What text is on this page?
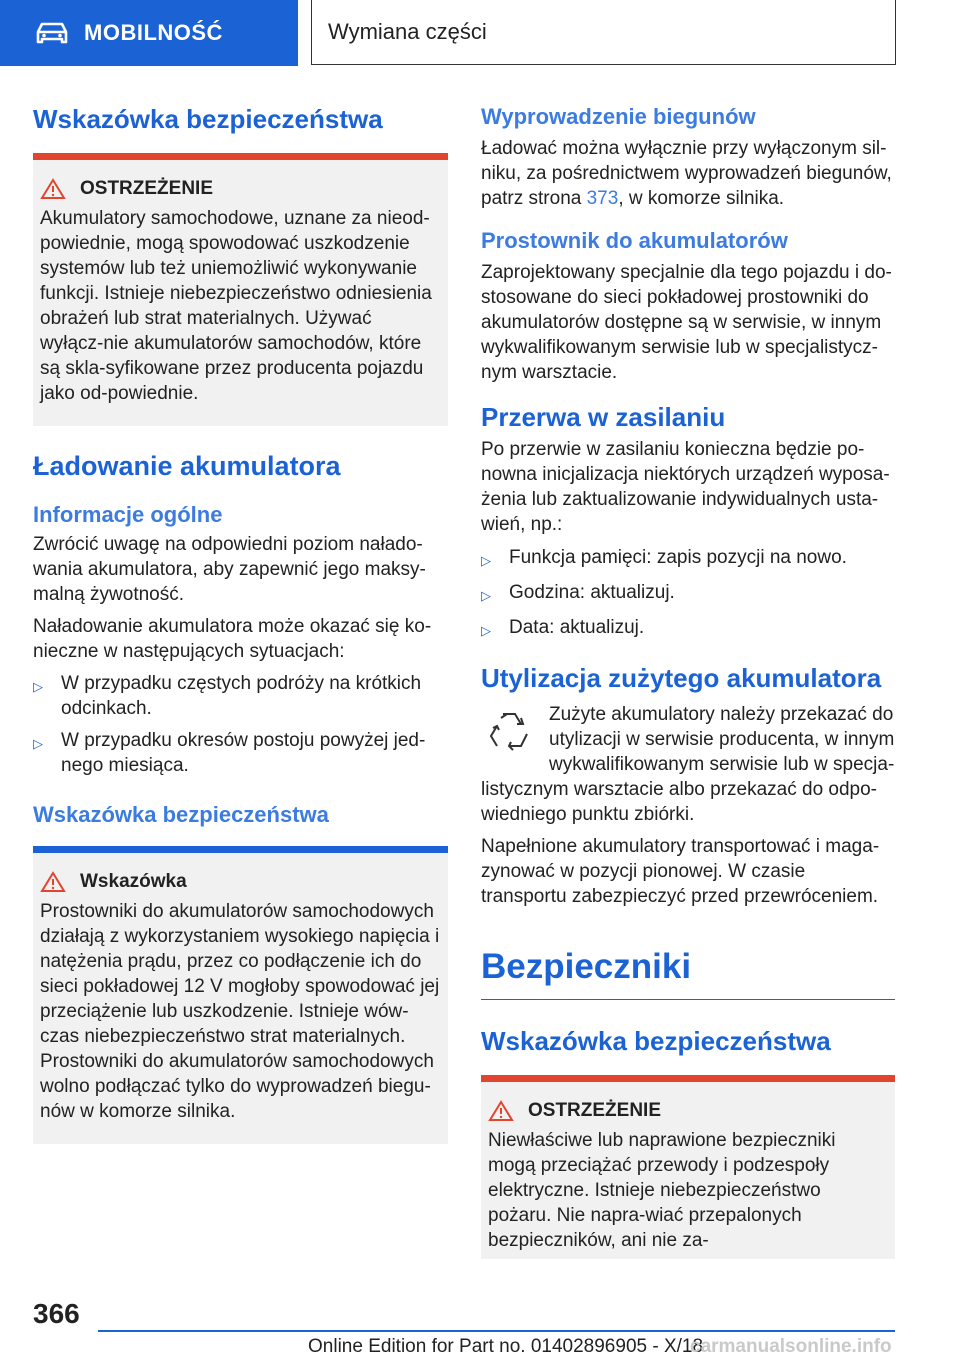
MOBILNOŚĆ	Wymiana części
Wskazówka bezpieczeństwa
OSTRZEŻENIE

Akumulatory samochodowe, uznane za nieod-powiednie, mogą spowodować uszkodzenie systemów lub też uniemożliwić wykonywanie funkcji. Istnieje niebezpieczeństwo odniesienia obrażeń lub strat materialnych. Używać wyłącz-nie akumulatorów samochodów, które są skla-syfikowane przez producenta pojazdu jako od-powiednie.

Ładowanie akumulatora
Informacje ogólne

Zwrócić uwagę na odpowiedni poziom nałado-wania akumulatora, aby zapewnić jego maksy-malną żywotność.

Naładowanie akumulatora może okazać się ko-nieczne w następujących sytuacjach:

▷ W przypadku częstych podróży na krótkich odcinkach.
▷ W przypadku okresów postoju powyżej jed-nego miesiąca.
Wskazówka bezpieczeństwa
Wskazówka

Prostowniki do akumulatorów samochodowych działają z wykorzystaniem wysokiego napięcia i natężenia prądu, przez co podłączenie ich do sieci pokładowej 12 V mogłoby spowodować jej przeciążenie lub uszkodzenie. Istnieje wów-czas niebezpieczeństwo strat materialnych. Prostowniki do akumulatorów samochodowych wolno podłączać tylko do wyprowadzeń biegu-nów w komorze silnika.

Wyprowadzenie biegunów

Ładować można wyłącznie przy wyłączonym sil-niku, za pośrednictwem wyprowadzeń biegunów, patrz strona 373, w komorze silnika.

Prostownik do akumulatorów

Zaprojektowany specjalnie dla tego pojazdu i do-stosowane do sieci pokładowej prostowniki do akumulatorów dostępne są w serwisie, w innym wykwalifikowanym serwisie lub w specjalistycz-nym warsztacie.

Przerwa w zasilaniu

Po przerwie w zasilaniu konieczna będzie po-nowna inicjalizacja niektórych urządzeń wyposa-żenia lub zaktualizowanie indywidualnych usta-wień, np.:

▷ Funkcja pamięci: zapis pozycji na nowo.
▷ Godzina: aktualizuj.
▷ Data: aktualizuj.
Utylizacja zużytego akumulatora

Zużyte akumulatory należy przekazać do utylizacji w serwisie producenta, w innym wykwalifikowanym serwisie lub w specja-listycznym warsztacie albo przekazać do odpo-wiedniego punktu zbiórki.

Napełnione akumulatory transportować i maga-zynować w pozycji pionowej. W czasie transportu zabezpieczyć przed przewróceniem.

Bezpieczniki
Wskazówka bezpieczeństwa
OSTRZEŻENIE

Niewłaściwe lub naprawione bezpieczniki mogą przeciążać przewody i podzespoły elektryczne. Istnieje niebezpieczeństwo pożaru. Nie napra-wiać przepalonych bezpieczników, ani nie za-

366
Online Edition for Part no. 01402896905 - X/18
carmanualsonline.info
